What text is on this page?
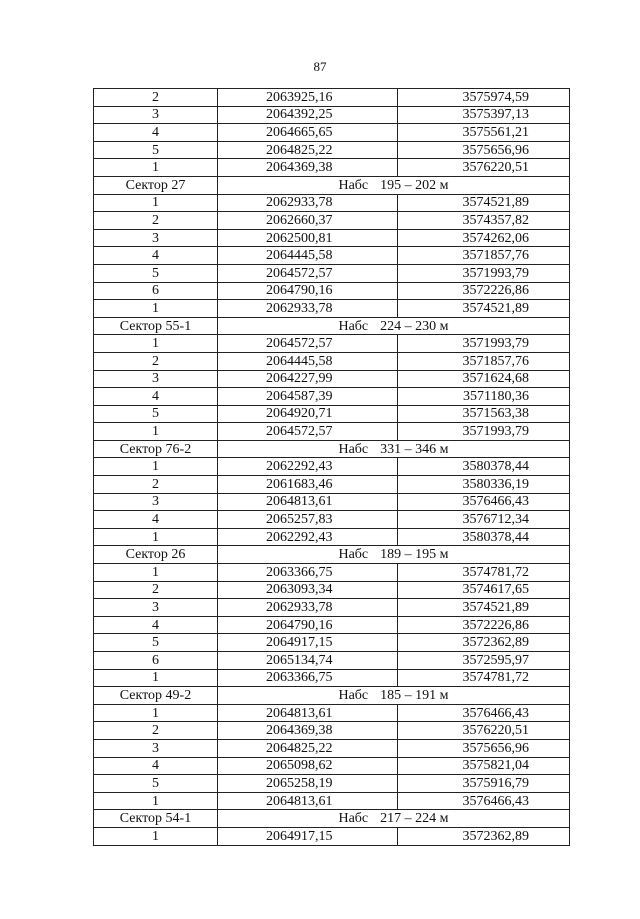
87
2	2063925,16	3575974,59
3	2064392,25	3575397,13
4	2064665,65	3575561,21
5	2064825,22	3575656,96
1	2064369,38	3576220,51
Сектор 27	Набс 195 – 202 м	
1	2062933,78	3574521,89
2	2062660,37	3574357,82
3	2062500,81	3574262,06
4	2064445,58	3571857,76
5	2064572,57	3571993,79
6	2064790,16	3572226,86
1	2062933,78	3574521,89
Сектор 55-1	Набс 224 – 230 м	
1	2064572,57	3571993,79
2	2064445,58	3571857,76
3	2064227,99	3571624,68
4	2064587,39	3571180,36
5	2064920,71	3571563,38
1	2064572,57	3571993,79
Сектор 76-2	Набс 331 – 346 м	
1	2062292,43	3580378,44
2	2061683,46	3580336,19
3	2064813,61	3576466,43
4	2065257,83	3576712,34
1	2062292,43	3580378,44
Сектор 26	Набс 189 – 195 м	
1	2063366,75	3574781,72
2	2063093,34	3574617,65
3	2062933,78	3574521,89
4	2064790,16	3572226,86
5	2064917,15	3572362,89
6	2065134,74	3572595,97
1	2063366,75	3574781,72
Сектор 49-2	Набс 185 – 191 м	
1	2064813,61	3576466,43
2	2064369,38	3576220,51
3	2064825,22	3575656,96
4	2065098,62	3575821,04
5	2065258,19	3575916,79
1	2064813,61	3576466,43
Сектор 54-1	Набс 217 – 224 м	
1	2064917,15	3572362,89
